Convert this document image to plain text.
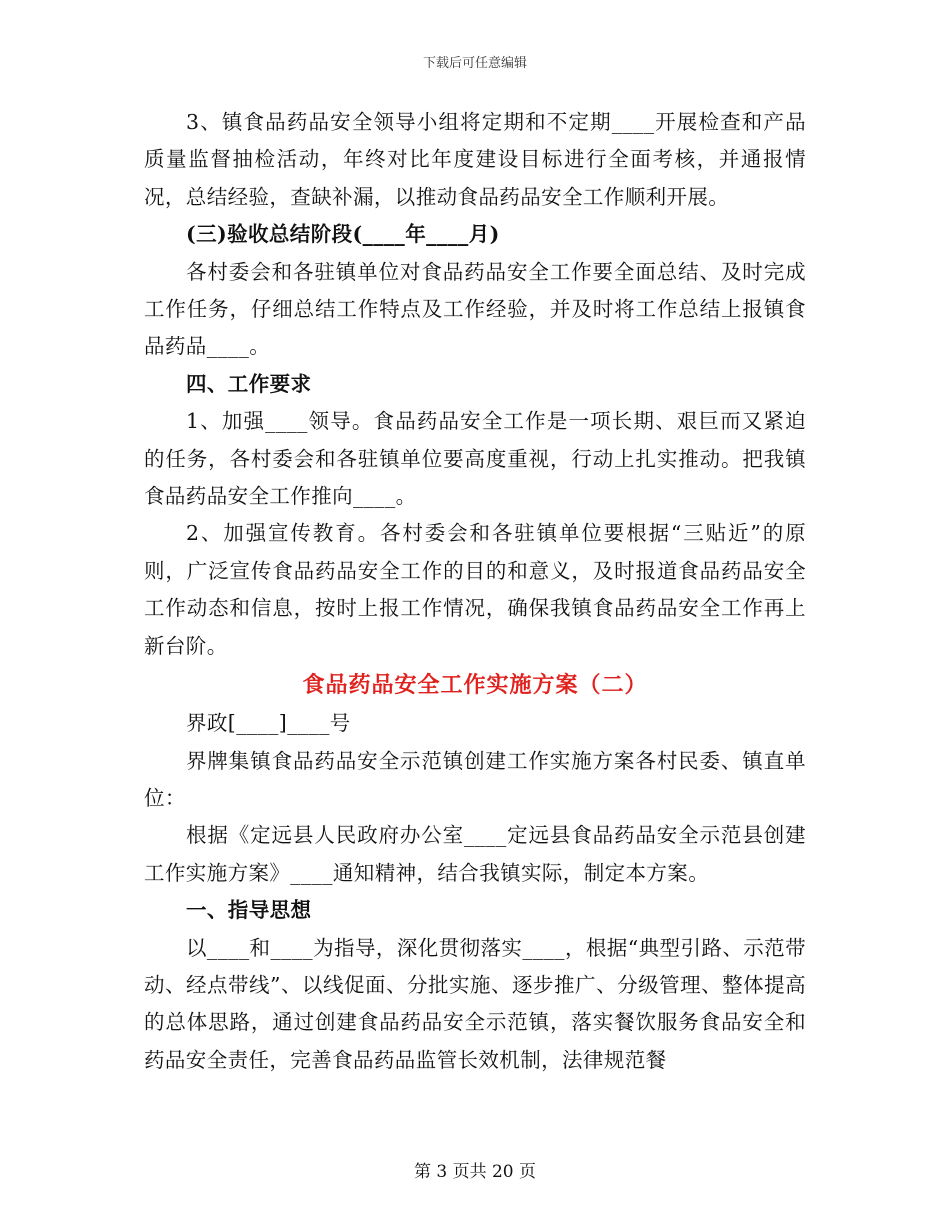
下载后可任意编辑

3、镇食品药品安全领导小组将定期和不定期____开展检查和产品质量监督抽检活动，年终对比年度建设目标进行全面考核，并通报情况，总结经验，查缺补漏，以推动食品药品安全工作顺利开展。

(三)验收总结阶段(____年____月)

各村委会和各驻镇单位对食品药品安全工作要全面总结、及时完成工作任务，仔细总结工作特点及工作经验，并及时将工作总结上报镇食品药品____。

四、工作要求

1、加强____领导。食品药品安全工作是一项长期、艰巨而又紧迫的任务，各村委会和各驻镇单位要高度重视，行动上扎实推动。把我镇食品药品安全工作推向____。

2、加强宣传教育。各村委会和各驻镇单位要根据“三贴近”的原则，广泛宣传食品药品安全工作的目的和意义，及时报道食品药品安全工作动态和信息，按时上报工作情况，确保我镇食品药品安全工作再上新台阶。

食品药品安全工作实施方案（二）

界政[____]____号

界牌集镇食品药品安全示范镇创建工作实施方案各村民委、镇直单位：

根据《定远县人民政府办公室____定远县食品药品安全示范县创建工作实施方案》____通知精神，结合我镇实际，制定本方案。

一、指导思想

以____和____为指导，深化贯彻落实____，根据“典型引路、示范带动、经点带线”、以线促面、分批实施、逐步推广、分级管理、整体提高的总体思路，通过创建食品药品安全示范镇，落实餐饮服务食品安全和药品安全责任，完善食品药品监管长效机制，法律规范餐

第 3 页共 20 页
